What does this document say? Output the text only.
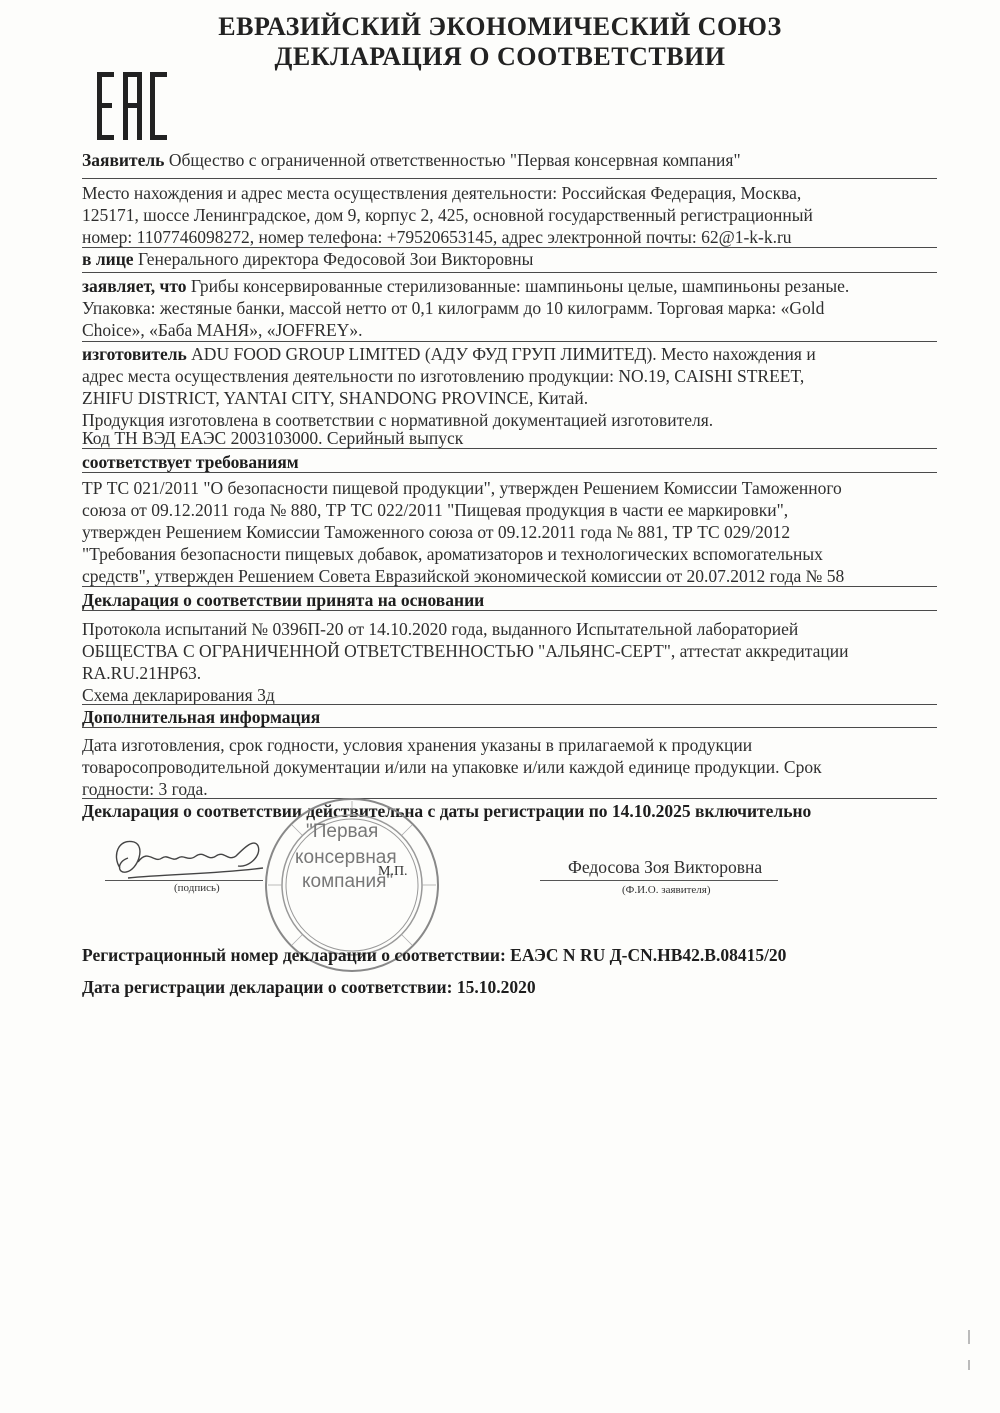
ЕВРАЗИЙСКИЙ ЭКОНОМИЧЕСКИЙ СОЮЗ
ДЕКЛАРАЦИЯ О СООТВЕТСТВИИ
Заявитель Общество с ограниченной ответственностью "Первая консервная компания"
Место нахождения и адрес места осуществления деятельности: Российская Федерация, Москва,
125171, шоссе Ленинградское, дом 9, корпус 2, 425, основной государственный регистрационный
номер: 1107746098272, номер телефона: +79520653145, адрес электронной почты: 62@1-k-k.ru
в лице Генерального директора Федосовой Зои Викторовны
заявляет, что Грибы консервированные стерилизованные: шампиньоны целые, шампиньоны резаные.
Упаковка: жестяные банки, массой нетто от 0,1 килограмм до 10 килограмм. Торговая марка: «Gold
Choice», «Баба МАНЯ», «JOFFREY».
изготовитель ADU FOOD GROUP LIMITED (АДУ ФУД ГРУП ЛИМИТЕД). Место нахождения и
адрес места осуществления деятельности по изготовлению продукции: NO.19, CAISHI STREET,
ZHIFU DISTRICT, YANTAI CITY, SHANDONG PROVINCE, Китай.
Продукция изготовлена в соответствии с нормативной документацией изготовителя.
Код ТН ВЭД ЕАЭС 2003103000. Серийный выпуск
соответствует требованиям
ТР ТС 021/2011 "О безопасности пищевой продукции", утвержден Решением Комиссии Таможенного
союза от 09.12.2011 года № 880, ТР ТС 022/2011 "Пищевая продукция в части ее маркировки",
утвержден Решением Комиссии Таможенного союза от 09.12.2011 года № 881, ТР ТС 029/2012
"Требования безопасности пищевых добавок, ароматизаторов и технологических вспомогательных
средств", утвержден Решением Совета Евразийской экономической комиссии от 20.07.2012 года № 58
Декларация о соответствии принята на основании
Протокола испытаний № 0396П-20 от 14.10.2020 года, выданного Испытательной лабораторией
ОБЩЕСТВА С ОГРАНИЧЕННОЙ ОТВЕТСТВЕННОСТЬЮ "АЛЬЯНС-СЕРТ", аттестат аккредитации
RA.RU.21НР63.
Схема декларирования 3д
Дополнительная информация
Дата изготовления, срок годности, условия хранения указаны в прилагаемой к продукции
товаросопроводительной документации и/или на упаковке и/или каждой единице продукции. Срок
годности: 3 года.
Декларация о соответствии действительна с даты регистрации по 14.10.2025 включительно
"Первая
консервная
компания"
М.П.
(подпись)
Федосова Зоя Викторовна
(Ф.И.О. заявителя)
Регистрационный номер декларации о соответствии: ЕАЭС N RU Д-CN.НВ42.В.08415/20
Дата регистрации декларации о соответствии: 15.10.2020
